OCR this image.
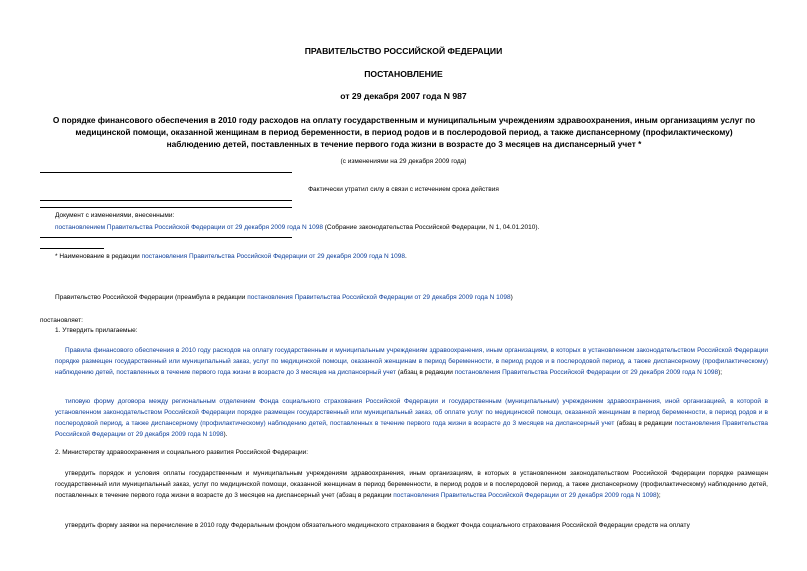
ПРАВИТЕЛЬСТВО РОССИЙСКОЙ ФЕДЕРАЦИИ
ПОСТАНОВЛЕНИЕ
от 29 декабря 2007 года N 987
О порядке финансового обеспечения в 2010 году расходов на оплату государственным и муниципальным учреждениям здравоохранения, иным организациям услуг по медицинской помощи, оказанной женщинам в период беременности, в период родов и в послеродовой период, а также диспансерному (профилактическому) наблюдению детей, поставленных в течение первого года жизни в возрасте до 3 месяцев на диспансерный учет *
(с изменениями на 29 декабря 2009 года)
Фактически утратил силу в связи с истечением срока действия
Документ с изменениями, внесенными:
постановлением Правительства Российской Федерации от 29 декабря 2009 года N 1098 (Собрание законодательства Российской Федерации, N 1, 04.01.2010).
* Наименование в редакции постановления Правительства Российской Федерации от 29 декабря 2009 года N 1098.
Правительство Российской Федерации (преамбула в редакции постановления Правительства Российской Федерации от 29 декабря 2009 года N 1098)
постановляет:
1. Утвердить прилагаемые:
Правила финансового обеспечения в 2010 году расходов на оплату государственным и муниципальным учреждениям здравоохранения, иным организациям, в которых в установленном законодательством Российской Федерации порядке размещен государственный или муниципальный заказ, услуг по медицинской помощи, оказанной женщинам в период беременности, в период родов и в послеродовой период, а также диспансерному (профилактическому) наблюдению детей, поставленных в течение первого года жизни в возрасте до 3 месяцев на диспансерный учет (абзац в редакции постановления Правительства Российской Федерации от 29 декабря 2009 года N 1098);
типовую форму договора между региональным отделением Фонда социального страхования Российской Федерации и государственным (муниципальным) учреждением здравоохранения, иной организацией, в которой в установленном законодательством Российской Федерации порядке размещен государственный или муниципальный заказ, об оплате услуг по медицинской помощи, оказанной женщинам в период беременности, в период родов и в послеродовой период, а также диспансерному (профилактическому) наблюдению детей, поставленных в течение первого года жизни в возрасте до 3 месяцев на диспансерный учет (абзац в редакции постановления Правительства Российской Федерации от 29 декабря 2009 года N 1098).
2. Министерству здравоохранения и социального развития Российской Федерации:
утвердить порядок и условия оплаты государственным и муниципальным учреждениям здравоохранения, иным организациям, в которых в установленном законодательством Российской Федерации порядке размещен государственный или муниципальный заказ, услуг по медицинской помощи, оказанной женщинам в период беременности, в период родов и в послеродовой период, а также диспансерному (профилактическому) наблюдению детей, поставленных в течение первого года жизни в возрасте до 3 месяцев на диспансерный учет (абзац в редакции постановления Правительства Российской Федерации от 29 декабря 2009 года N 1098);
утвердить форму заявки на перечисление в 2010 году Федеральным фондом обязательного медицинского страхования в бюджет Фонда социального страхования Российской Федерации средств на оплату
